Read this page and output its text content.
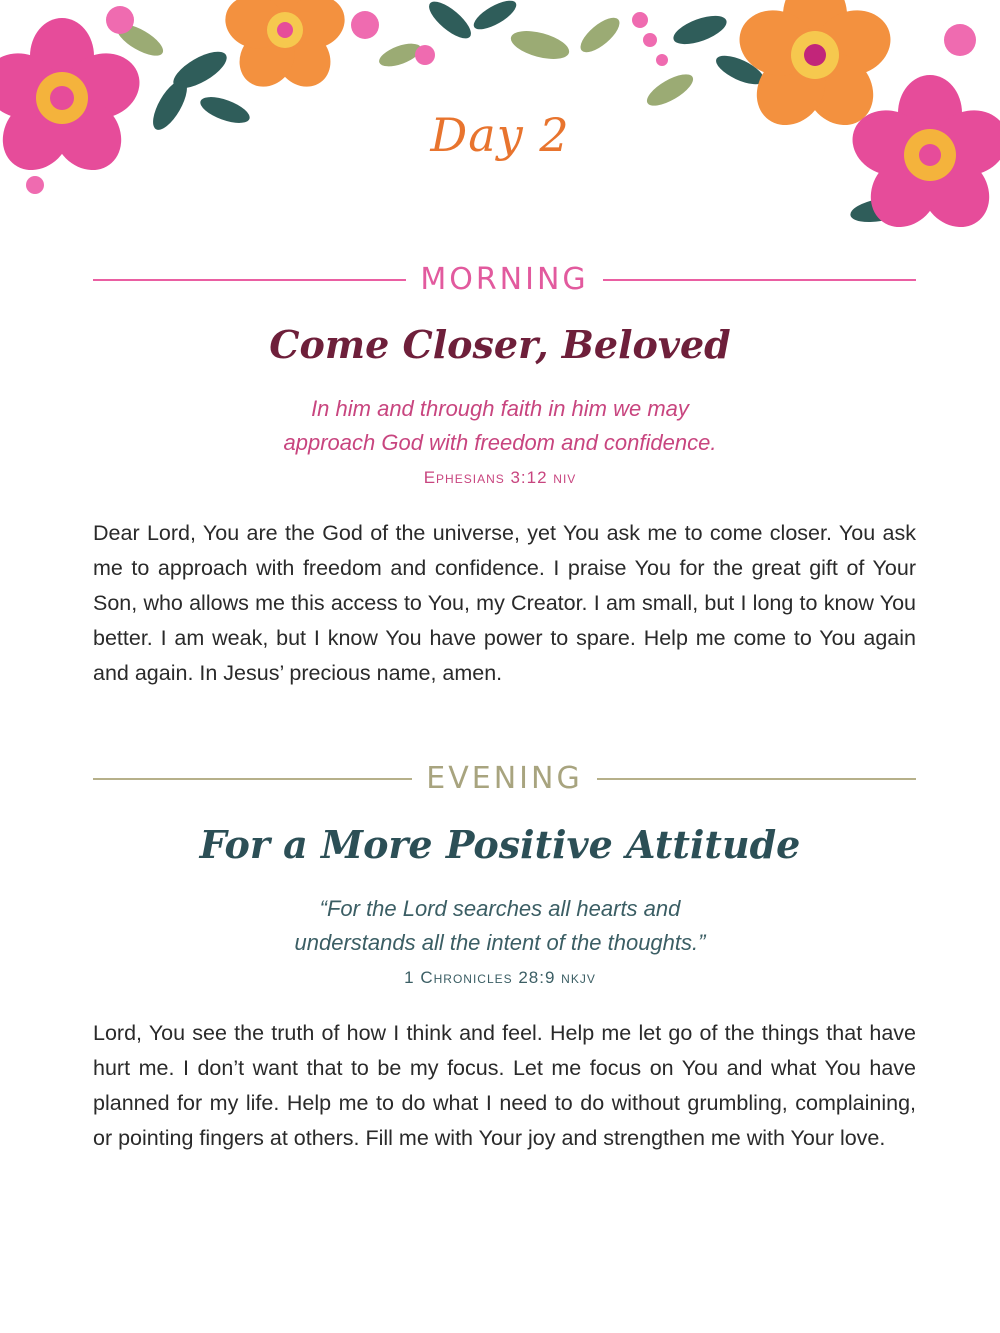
Day 2
MORNING
Come Closer, Beloved
In him and through faith in him we may
approach God with freedom and confidence.
Ephesians 3:12 niv
Dear Lord, You are the God of the universe, yet You ask me to come closer. You ask me to approach with freedom and confidence. I praise You for the great gift of Your Son, who allows me this access to You, my Creator. I am small, but I long to know You better. I am weak, but I know You have power to spare. Help me come to You again and again. In Jesus’ precious name, amen.
EVENING
For a More Positive Attitude
“For the Lord searches all hearts and
understands all the intent of the thoughts.”
1 Chronicles 28:9 nkjv
Lord, You see the truth of how I think and feel. Help me let go of the things that have hurt me. I don’t want that to be my focus. Let me focus on You and what You have planned for my life. Help me to do what I need to do without grumbling, complaining, or pointing fingers at others. Fill me with Your joy and strengthen me with Your love.
